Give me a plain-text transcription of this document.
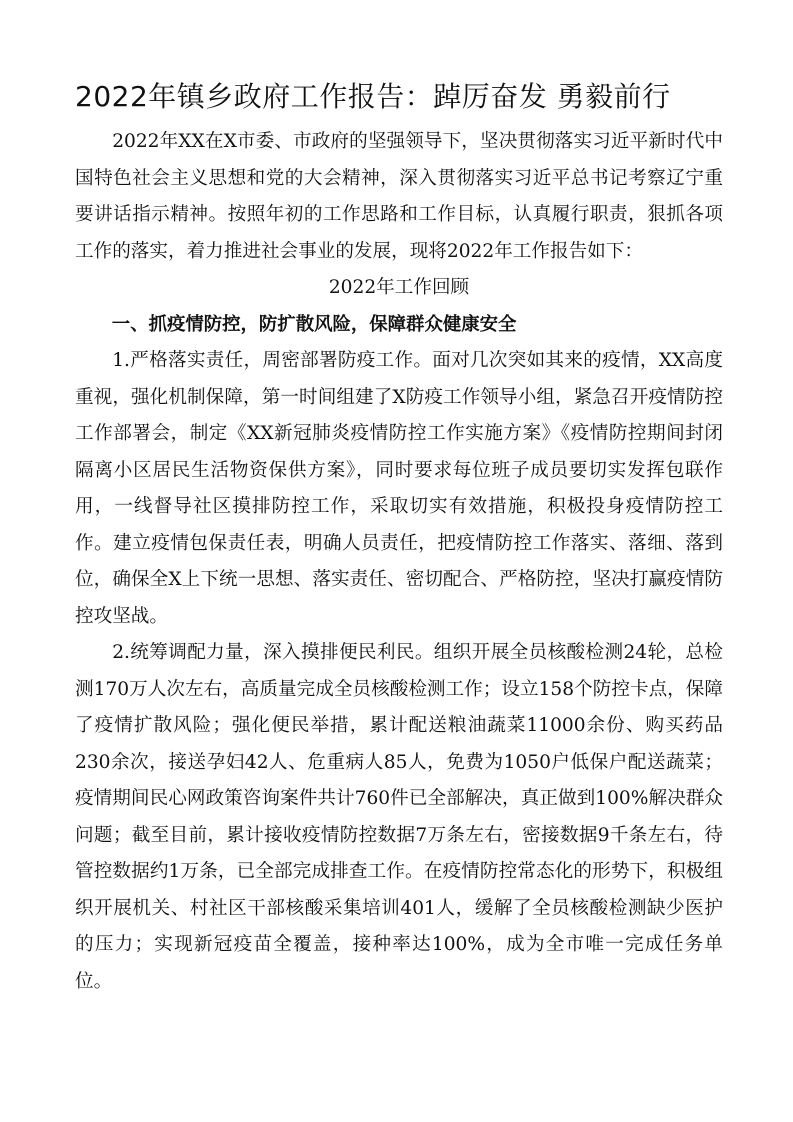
2022年镇乡政府工作报告：踔厉奋发 勇毅前行

2022年XX在X市委、市政府的坚强领导下，坚决贯彻落实习近平新时代中国特色社会主义思想和党的大会精神，深入贯彻落实习近平总书记考察辽宁重要讲话指示精神。按照年初的工作思路和工作目标，认真履行职责，狠抓各项工作的落实，着力推进社会事业的发展，现将2022年工作报告如下：

2022年工作回顾

一、抓疫情防控，防扩散风险，保障群众健康安全

1.严格落实责任，周密部署防疫工作。面对几次突如其来的疫情，XX高度重视，强化机制保障，第一时间组建了X防疫工作领导小组，紧急召开疫情防控工作部署会，制定《XX新冠肺炎疫情防控工作实施方案》《疫情防控期间封闭隔离小区居民生活物资保供方案》，同时要求每位班子成员要切实发挥包联作用，一线督导社区摸排防控工作，采取切实有效措施，积极投身疫情防控工作。建立疫情包保责任表，明确人员责任，把疫情防控工作落实、落细、落到位，确保全X上下统一思想、落实责任、密切配合、严格防控，坚决打赢疫情防控攻坚战。

2.统筹调配力量，深入摸排便民利民。组织开展全员核酸检测24轮，总检测170万人次左右，高质量完成全员核酸检测工作；设立158个防控卡点，保障了疫情扩散风险；强化便民举措，累计配送粮油蔬菜11000余份、购买药品230余次，接送孕妇42人、危重病人85人，免费为1050户低保户配送蔬菜；疫情期间民心网政策咨询案件共计760件已全部解决，真正做到100%解决群众问题；截至目前，累计接收疫情防控数据7万条左右，密接数据9千条左右，待管控数据约1万条，已全部完成排查工作。在疫情防控常态化的形势下，积极组织开展机关、村社区干部核酸采集培训401人，缓解了全员核酸检测缺少医护的压力；实现新冠疫苗全覆盖，接种率达100%，成为全市唯一完成任务单位。
